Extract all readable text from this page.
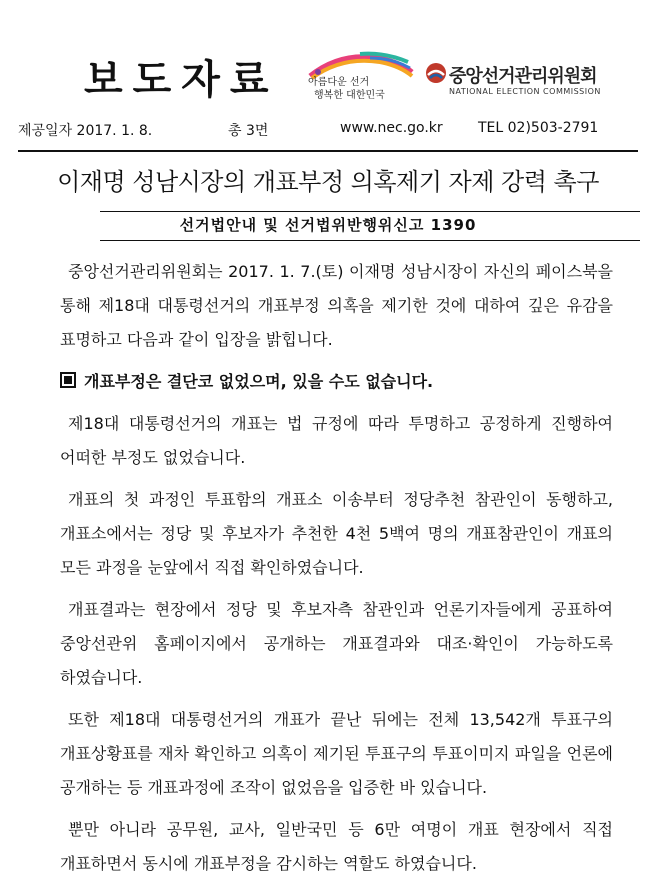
보도자료	아름다운 선거
행복한 대한민국
중앙선거관리위원회
NATIONAL ELECTION COMMISSION
제공일자 2017. 1. 8.	총 3면	www.nec.go.kr	TEL 02)503-2791
이재명 성남시장의 개표부정 의혹제기 자제 강력 촉구
선거법안내 및 선거법위반행위신고 1390

중앙선거관리위원회는 2017. 1. 7.(토) 이재명 성남시장이 자신의 페이스북을 통해 제18대 대통령선거의 개표부정 의혹을 제기한 것에 대하여 깊은 유감을 표명하고 다음과 같이 입장을 밝힙니다.

개표부정은 결단코 없었으며, 있을 수도 없습니다.

제18대 대통령선거의 개표는 법 규정에 따라 투명하고 공정하게 진행하여 어떠한 부정도 없었습니다.

개표의 첫 과정인 투표함의 개표소 이송부터 정당추천 참관인이 동행하고, 개표소에서는 정당 및 후보자가 추천한 4천 5백여 명의 개표참관인이 개표의 모든 과정을 눈앞에서 직접 확인하였습니다.

개표결과는 현장에서 정당 및 후보자측 참관인과 언론기자들에게 공표하여 중앙선관위 홈페이지에서 공개하는 개표결과와 대조·확인이 가능하도록 하였습니다.

또한 제18대 대통령선거의 개표가 끝난 뒤에는 전체 13,542개 투표구의 개표상황표를 재차 확인하고 의혹이 제기된 투표구의 투표이미지 파일을 언론에 공개하는 등 개표과정에 조작이 없었음을 입증한 바 있습니다.

뿐만 아니라 공무원, 교사, 일반국민 등 6만 여명이 개표 현장에서 직접 개표하면서 동시에 개표부정을 감시하는 역할도 하였습니다.
